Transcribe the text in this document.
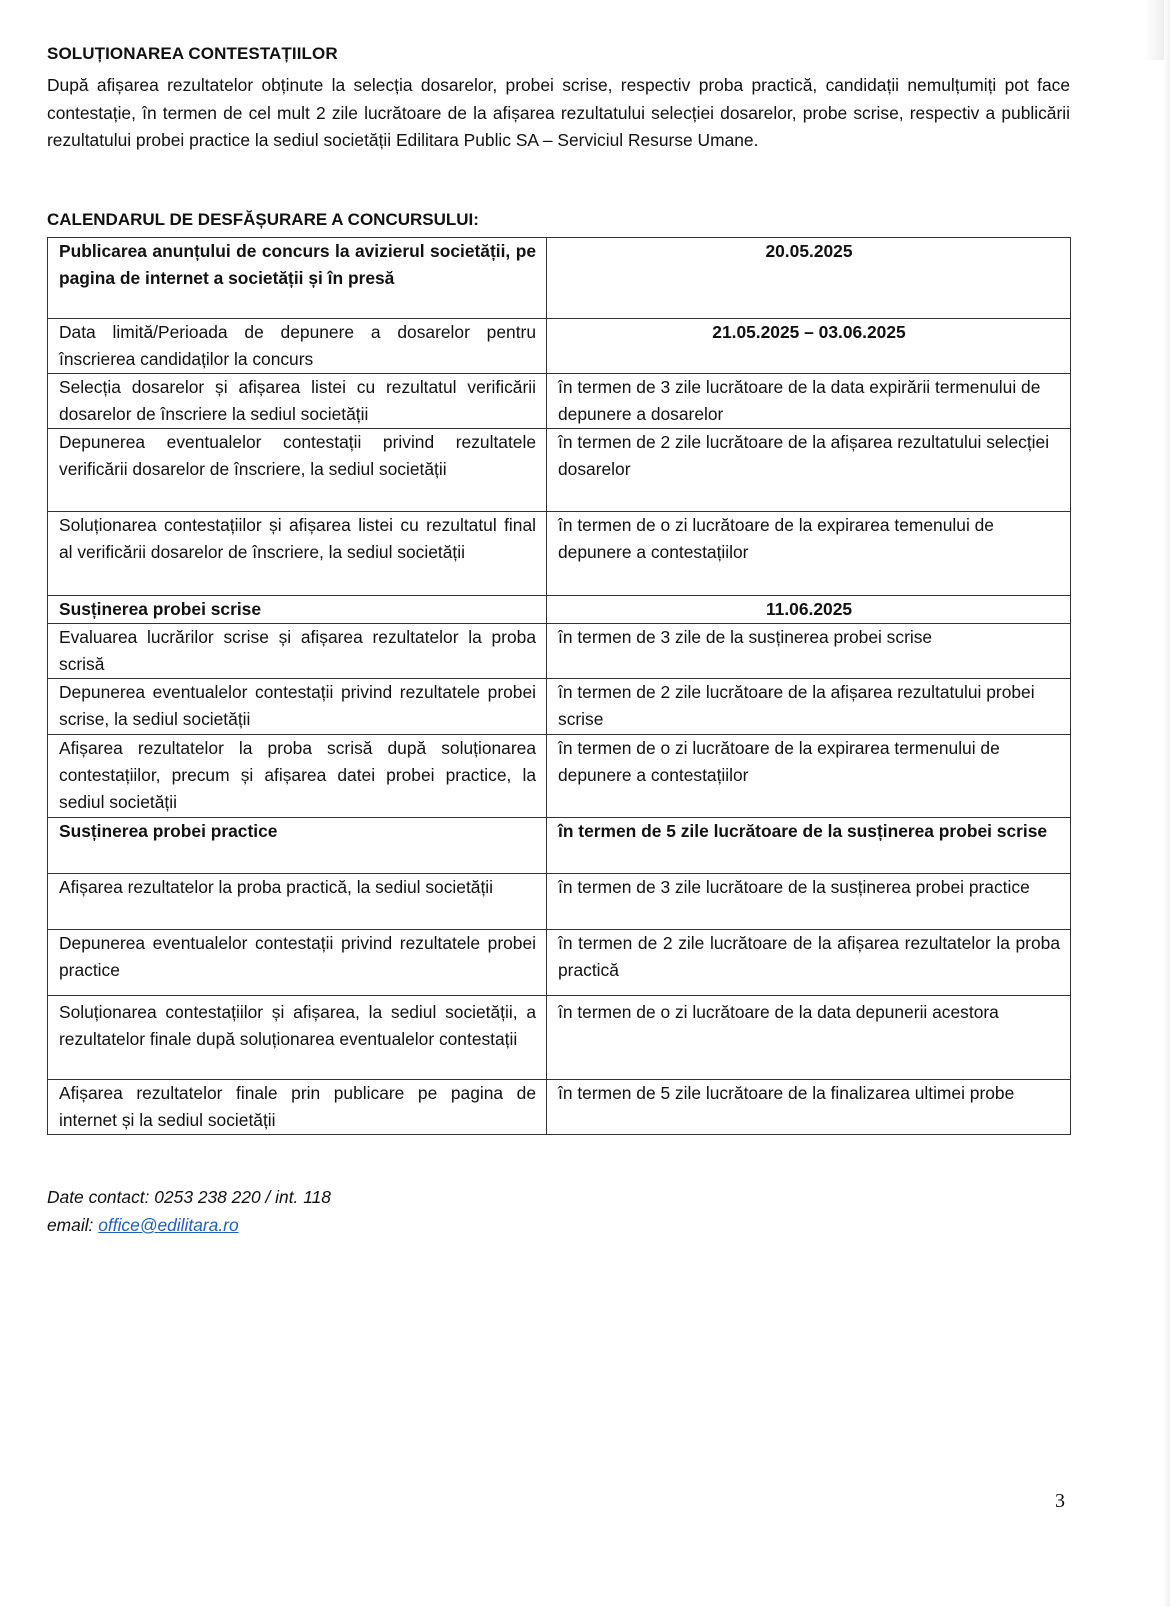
SOLUȚIONAREA CONTESTAȚIILOR
După afișarea rezultatelor obținute la selecția dosarelor, probei scrise, respectiv proba practică, candidații nemulțumiți pot face contestație, în termen de cel mult 2 zile lucrătoare de la afișarea rezultatului selecției dosarelor, probe scrise, respectiv a publicării rezultatului probei practice la sediul societății Edilitara Public SA – Serviciul Resurse Umane.
CALENDARUL DE DESFĂȘURARE A CONCURSULUI:
Publicarea anunțului de concurs la avizierul societății, pe pagina de internet a societății și în presă	20.05.2025
Data limită/Perioada de depunere a dosarelor pentru înscrierea candidaților la concurs	21.05.2025 – 03.06.2025
Selecția dosarelor și afișarea listei cu rezultatul verificării dosarelor de înscriere la sediul societății	în termen de 3 zile lucrătoare de la data expirării termenului de depunere a dosarelor
Depunerea eventualelor contestații privind rezultatele verificării dosarelor de înscriere, la sediul societății	în termen de 2 zile lucrătoare de la afișarea rezultatului selecției dosarelor
Soluționarea contestațiilor și afișarea listei cu rezultatul final al verificării dosarelor de înscriere, la sediul societății	în termen de o zi lucrătoare de la expirarea temenului de depunere a contestațiilor
Susținerea probei scrise	11.06.2025
Evaluarea lucrărilor scrise și afișarea rezultatelor la proba scrisă	în termen de 3 zile de la susținerea probei scrise
Depunerea eventualelor contestații privind rezultatele probei scrise, la sediul societății	în termen de 2 zile lucrătoare de la afișarea rezultatului probei scrise
Afișarea rezultatelor la proba scrisă după soluționarea contestațiilor, precum și afișarea datei probei practice, la sediul societății	în termen de o zi lucrătoare de la expirarea termenului de depunere a contestațiilor
Susținerea probei practice	în termen de 5 zile lucrătoare de la susținerea probei scrise
Afișarea rezultatelor la proba practică, la sediul societății	în termen de 3 zile lucrătoare de la susținerea probei practice
Depunerea eventualelor contestații privind rezultatele probei practice	în termen de 2 zile lucrătoare de la afișarea rezultatelor la proba practică
Soluționarea contestațiilor și afișarea, la sediul societății, a rezultatelor finale după soluționarea eventualelor contestații	în termen de o zi lucrătoare de la data depunerii acestora
Afișarea rezultatelor finale prin publicare pe pagina de internet și la sediul societății	în termen de 5 zile lucrătoare de la finalizarea ultimei probe
Date contact: 0253 238 220 / int. 118
email: office@edilitara.ro
3
